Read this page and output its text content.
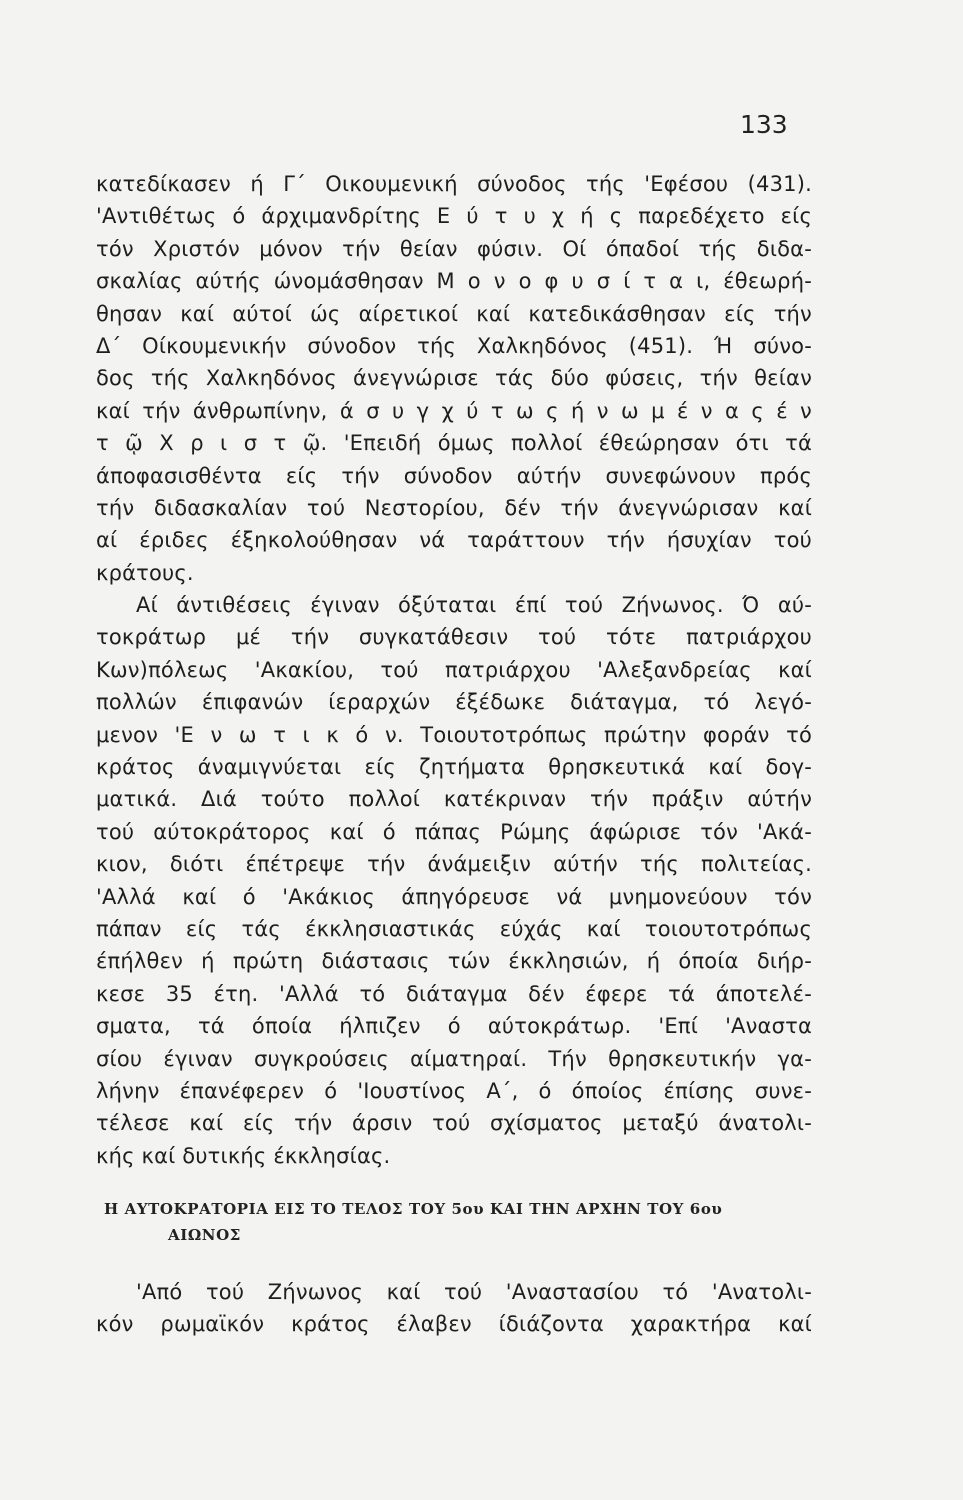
133
κατεδίκασεν ή Γ΄ Οικουμενική σύνοδος τής 'Εφέσου (431).
'Αντιθέτως ό άρχιμανδρίτης Ε ύ τ υ χ ή ς παρεδέχετο είς
τόν Χριστόν μόνον τήν θείαν φύσιν. Οί όπαδοί τής διδα-
σκαλίας αύτής ώνομάσθησαν Μ ο ν ο φ υ σ ί τ α ι, έθεωρή-
θησαν καί αύτοί ώς αίρετικοί καί κατεδικάσθησαν είς τήν
Δ΄ Οίκουμενικήν σύνοδον τής Χαλκηδόνος (451). Ή σύνο-
δος τής Χαλκηδόνος άνεγνώρισε τάς δύο φύσεις, τήν θείαν
καί τήν άνθρωπίνην, ά σ υ γ χ ύ τ ω ς ή ν ω μ έ ν α ς έ ν
τ ῷ Χ ρ ι σ τ ῷ. 'Επειδή όμως πολλοί έθεώρησαν ότι τά
άποφασισθέντα είς τήν σύνοδον αύτήν συνεφώνουν πρός
τήν διδασκαλίαν τού Νεστορίου, δέν τήν άνεγνώρισαν καί
αί έριδες έξηκολούθησαν νά ταράττουν τήν ήσυχίαν τού
κράτους.
Αί άντιθέσεις έγιναν όξύταται έπί τού Ζήνωνος. Ό αύ-
τοκράτωρ μέ τήν συγκατάθεσιν τού τότε πατριάρχου
Κων)πόλεως 'Ακακίου, τού πατριάρχου 'Αλεξανδρείας καί
πολλών έπιφανών ίεραρχών έξέδωκε διάταγμα, τό λεγό-
μενον 'Ε ν ω τ ι κ ό ν. Τοιουτοτρόπως πρώτην φοράν τό
κράτος άναμιγνύεται είς ζητήματα θρησκευτικά καί δογ-
ματικά. Διά τούτο πολλοί κατέκριναν τήν πράξιν αύτήν
τού αύτοκράτορος καί ό πάπας Ρώμης άφώρισε τόν 'Ακά-
κιον, διότι έπέτρεψε τήν άνάμειξιν αύτήν τής πολιτείας.
'Αλλά καί ό 'Ακάκιος άπηγόρευσε νά μνημονεύουν τόν
πάπαν είς τάς έκκλησιαστικάς εύχάς καί τοιουτοτρόπως
έπήλθεν ή πρώτη διάστασις τών έκκλησιών, ή όποία διήρ-
κεσε 35 έτη. 'Αλλά τό διάταγμα δέν έφερε τά άποτελέ-
σματα, τά όποία ήλπιζεν ό αύτοκράτωρ. 'Επί 'Αναστα
σίου έγιναν συγκρούσεις αίματηραί. Τήν θρησκευτικήν γα-
λήνην έπανέφερεν ό 'Ιουστίνος Α΄, ό όποίος έπίσης συνε-
τέλεσε καί είς τήν άρσιν τού σχίσματος μεταξύ άνατολι-
κής καί δυτικής έκκλησίας.
Η ΑΥΤΟΚΡΑΤΟΡΙΑ ΕΙΣ ΤΟ ΤΕΛΟΣ ΤΟΥ 5ου ΚΑΙ ΤΗΝ ΑΡΧΗΝ ΤΟΥ 6ου
ΑΙΩΝΟΣ
'Από τού Ζήνωνος καί τού 'Αναστασίου τό 'Ανατολι-
κόν ρωμαϊκόν κράτος έλαβεν ίδιάζοντα χαρακτήρα καί
